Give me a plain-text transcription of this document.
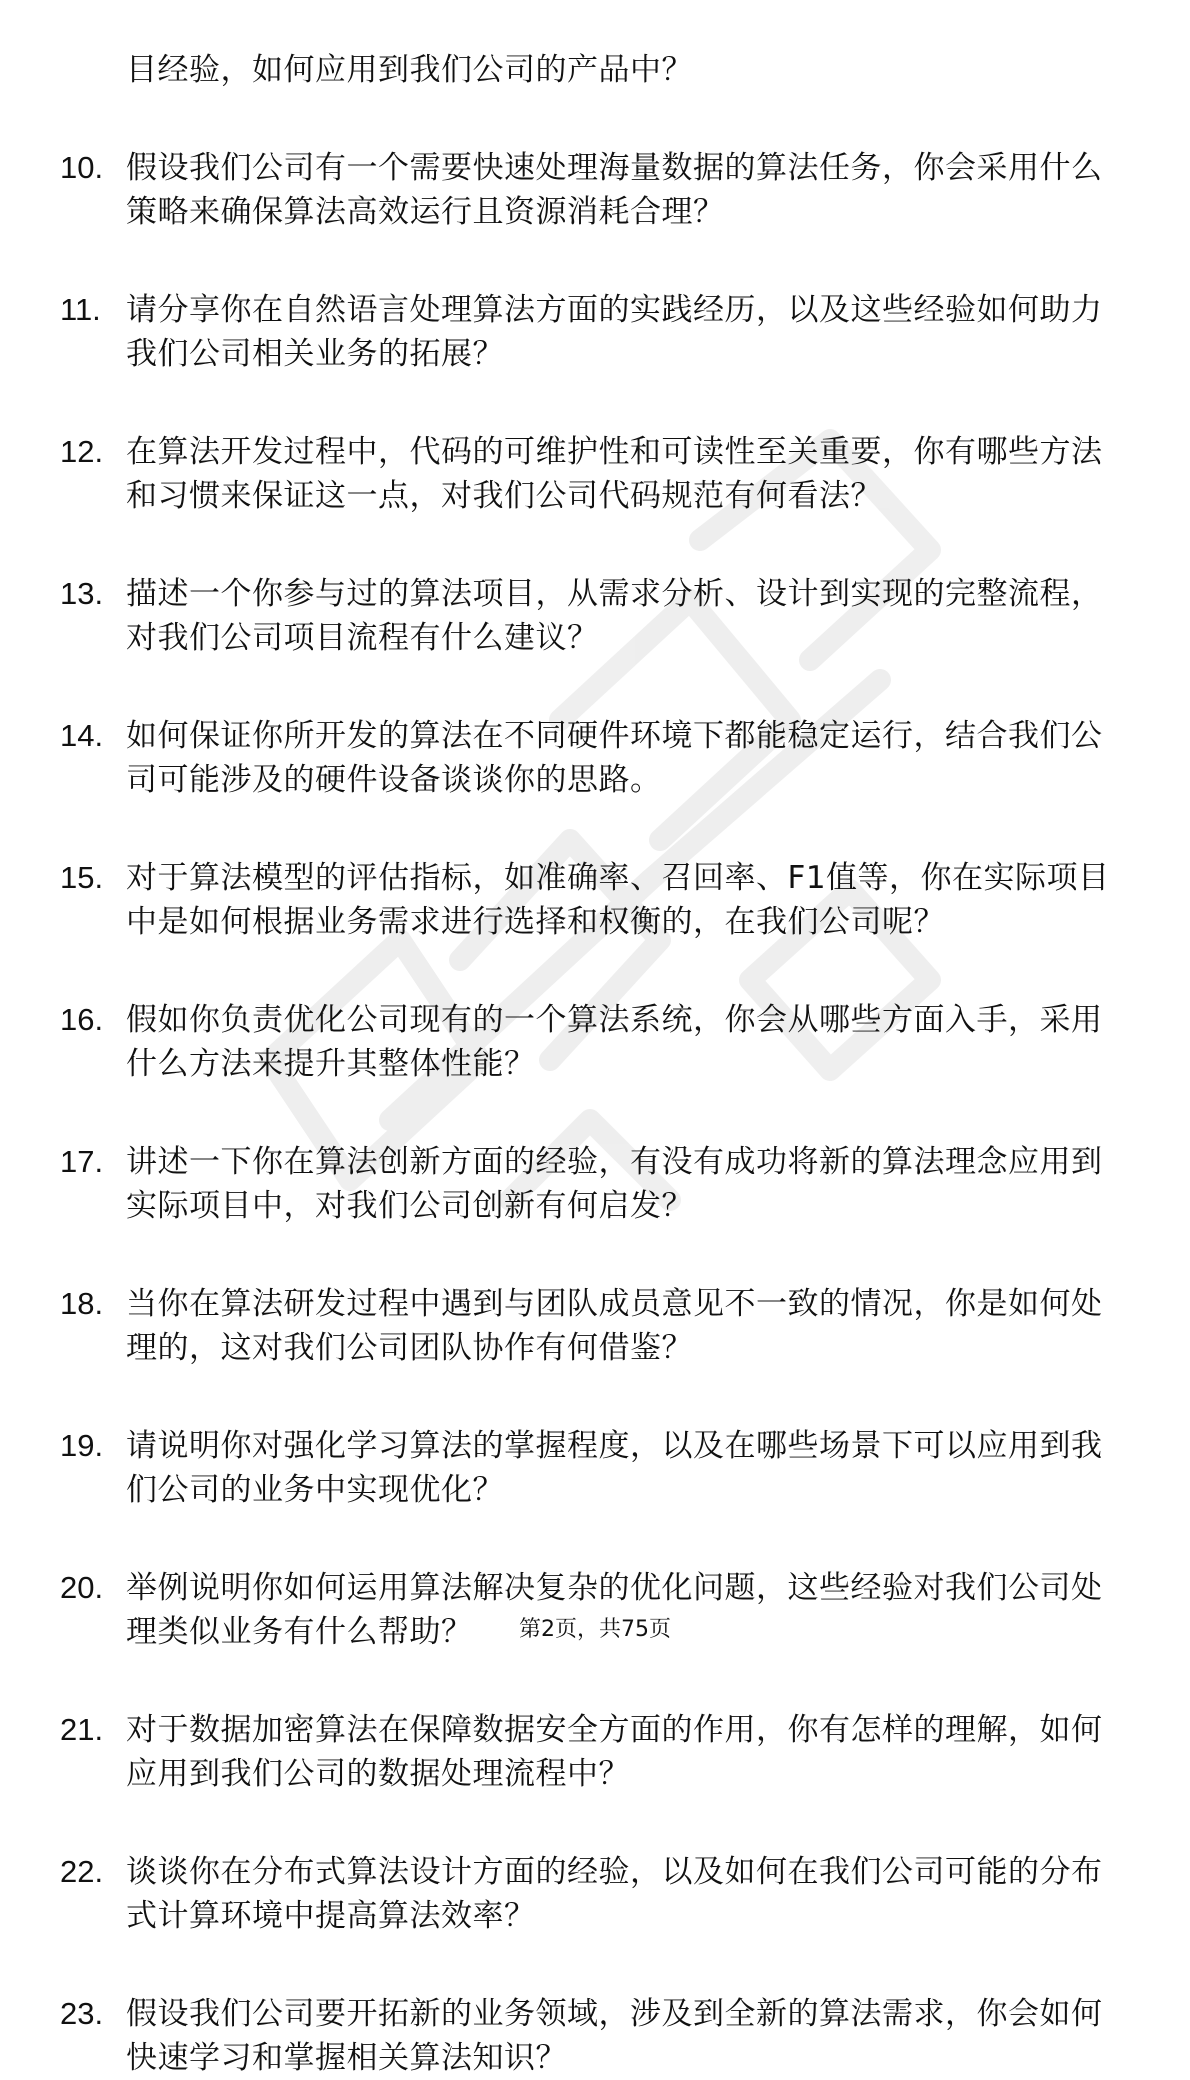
目经验，如何应用到我们公司的产品中？
10. 假设我们公司有一个需要快速处理海量数据的算法任务，你会采用什么策略来确保算法高效运行且资源消耗合理？
11. 请分享你在自然语言处理算法方面的实践经历，以及这些经验如何助力我们公司相关业务的拓展？
12. 在算法开发过程中，代码的可维护性和可读性至关重要，你有哪些方法和习惯来保证这一点，对我们公司代码规范有何看法？
13. 描述一个你参与过的算法项目，从需求分析、设计到实现的完整流程，对我们公司项目流程有什么建议？
14. 如何保证你所开发的算法在不同硬件环境下都能稳定运行，结合我们公司可能涉及的硬件设备谈谈你的思路。
15. 对于算法模型的评估指标，如准确率、召回率、F1值等，你在实际项目中是如何根据业务需求进行选择和权衡的，在我们公司呢？
16. 假如你负责优化公司现有的一个算法系统，你会从哪些方面入手，采用什么方法来提升其整体性能？
17. 讲述一下你在算法创新方面的经验，有没有成功将新的算法理念应用到实际项目中，对我们公司创新有何启发？
18. 当你在算法研发过程中遇到与团队成员意见不一致的情况，你是如何处理的，这对我们公司团队协作有何借鉴？
19. 请说明你对强化学习算法的掌握程度，以及在哪些场景下可以应用到我们公司的业务中实现优化？
20. 举例说明你如何运用算法解决复杂的优化问题，这些经验对我们公司处理类似业务有什么帮助？
21. 对于数据加密算法在保障数据安全方面的作用，你有怎样的理解，如何应用到我们公司的数据处理流程中？
22. 谈谈你在分布式算法设计方面的经验，以及如何在我们公司可能的分布式计算环境中提高算法效率？
23. 假设我们公司要开拓新的业务领域，涉及到全新的算法需求，你会如何快速学习和掌握相关算法知识？
第2页，共75页
